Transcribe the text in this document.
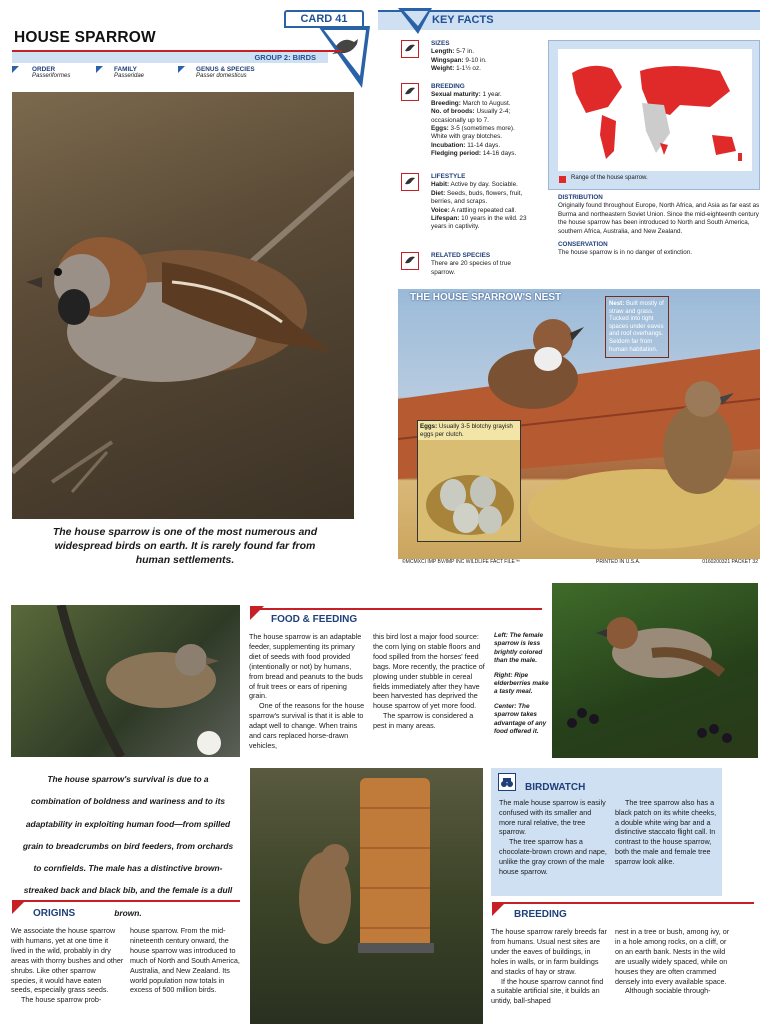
CARD 41
HOUSE SPARROW
GROUP 2: BIRDS
ORDER
Passeriformes
FAMILY
Passeridae
GENUS & SPECIES
Passer domesticus
The house sparrow is one of the most numerous and widespread birds on earth. It is rarely found far from human settlements.
KEY FACTS
SIZES
Length: 5-7 in.
Wingspan: 9-10 in.
Weight: 1-1½ oz.
BREEDING
Sexual maturity: 1 year.
Breeding: March to August.
No. of broods: Usually 2-4; occasionally up to 7.
Eggs: 3-5 (sometimes more). White with gray blotches.
Incubation: 11-14 days.
Fledging period: 14-16 days.
LIFESTYLE
Habit: Active by day. Sociable.
Diet: Seeds, buds, flowers, fruit, berries, and scraps.
Voice: A rattling repeated call.
Lifespan: 10 years in the wild. 23 years in captivity.
RELATED SPECIES
There are 20 species of true sparrow.
Range of the house sparrow.
DISTRIBUTION
Originally found throughout Europe, North Africa, and Asia as far east as Burma and northeastern Soviet Union. Since the mid-eighteenth century the house sparrow has been introduced to North and South America, southern Africa, Australia, and New Zealand.
CONSERVATION
The house sparrow is in no danger of extinction.
THE HOUSE SPARROW'S NEST
Nest: Built mostly of straw and grass. Tucked into tight spaces under eaves and roof overhangs. Seldom far from human habitation.
Eggs: Usually 3-5 blotchy grayish eggs per clutch.
©MCMXCI IMP BV/IMP INC WILDLIFE FACT FILE™	PRINTED IN U.S.A.	0160200321 PACKET 32
FOOD & FEEDING
The house sparrow is an adaptable feeder, supplementing its primary diet of seeds with food provided (intentionally or not) by humans, from bread and peanuts to the buds of fruit trees or ears of ripening grain.
One of the reasons for the house sparrow's survival is that it is able to adapt well to change. When trains and cars replaced horse-drawn vehicles,
this bird lost a major food source: the corn lying on stable floors and food spilled from the horses' feed bags. More recently, the practice of plowing under stubble in cereal fields immediately after they have been harvested has deprived the house sparrow of yet more food.
The sparrow is considered a pest in many areas.
Left: The female sparrow is less brightly colored than the male.
Right: Ripe elderberries make a tasty meal.
Center: The sparrow takes advantage of any food offered it.
The house sparrow's survival is due to a combination of boldness and wariness and to its adaptability in exploiting human food—from spilled grain to breadcrumbs on bird feeders, from orchards to cornfields. The male has a distinctive brown-streaked back and black bib, and the female is a dull brown.
BIRDWATCH
The male house sparrow is easily confused with its smaller and more rural relative, the tree sparrow.
The tree sparrow has a chocolate-brown crown and nape, unlike the gray crown of the male house sparrow.
The tree sparrow also has a black patch on its white cheeks, a double white wing bar and a distinctive staccato flight call. In contrast to the house sparrow, both the male and female tree sparrow look alike.
ORIGINS
We associate the house sparrow with humans, yet at one time it lived in the wild, probably in dry areas with thorny bushes and other shrubs. Like other sparrow species, it would have eaten seeds, especially grass seeds.
The house sparrow prob-
house sparrow. From the mid-nineteenth century onward, the house sparrow was introduced to much of North and South America, Australia, and New Zealand. Its world population now totals in excess of 500 million birds.
BREEDING
The house sparrow rarely breeds far from humans. Usual nest sites are under the eaves of buildings, in holes in walls, or in farm buildings and stacks of hay or straw.
If the house sparrow cannot find a suitable artificial site, it builds an untidy, ball-shaped
nest in a tree or bush, among ivy, or in a hole among rocks, on a cliff, or on an earth bank. Nests in the wild are usually widely spaced, while on houses they are often crammed densely into every available space.
Although sociable through-
